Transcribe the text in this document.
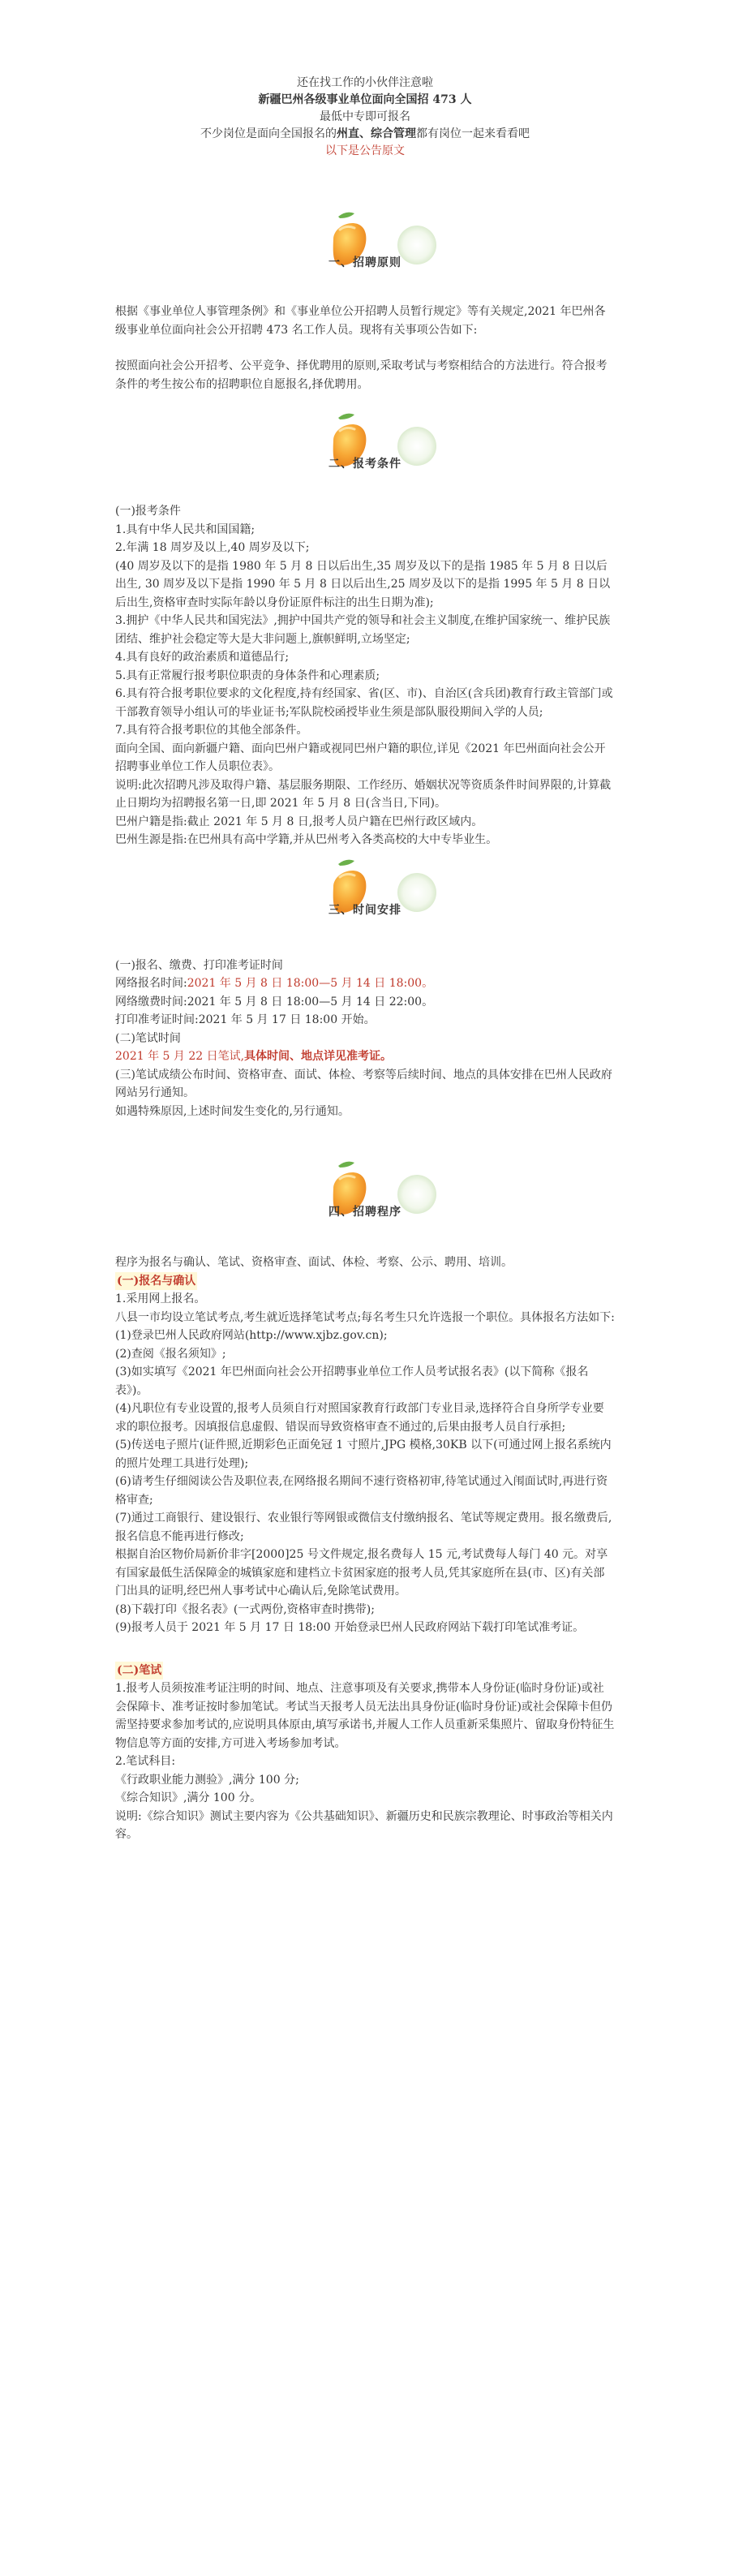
还在找工作的小伙伴注意啦
新疆巴州各级事业单位面向全国招 473 人
最低中专即可报名
不少岗位是面向全国报名的州直、综合管理都有岗位一起来看看吧
以下是公告原文
一、招聘原则

根据《事业单位人事管理条例》和《事业单位公开招聘人员暂行规定》等有关规定,2021 年巴州各级事业单位面向社会公开招聘 473 名工作人员。现将有关事项公告如下:

按照面向社会公开招考、公平竞争、择优聘用的原则,采取考试与考察相结合的方法进行。符合报考条件的考生按公布的招聘职位自愿报名,择优聘用。

二、报考条件

(一)报考条件

1.具有中华人民共和国国籍;

2.年满 18 周岁及以上,40 周岁及以下;

(40 周岁及以下的是指 1980 年 5 月 8 日以后出生,35 周岁及以下的是指 1985 年 5 月 8 日以后出生, 30 周岁及以下是指 1990 年 5 月 8 日以后出生,25 周岁及以下的是指 1995 年 5 月 8 日以后出生,资格审查时实际年龄以身份证原件标注的出生日期为准);

3.拥护《中华人民共和国宪法》,拥护中国共产党的领导和社会主义制度,在维护国家统一、维护民族团结、维护社会稳定等大是大非问题上,旗帜鲜明,立场坚定;

4.具有良好的政治素质和道德品行;

5.具有正常履行报考职位职责的身体条件和心理素质;

6.具有符合报考职位要求的文化程度,持有经国家、省(区、市)、自治区(含兵团)教育行政主管部门或干部教育领导小组认可的毕业证书;军队院校函授毕业生须是部队服役期间入学的人员;

7.具有符合报考职位的其他全部条件。

面向全国、面向新疆户籍、面向巴州户籍或视同巴州户籍的职位,详见《2021 年巴州面向社会公开招聘事业单位工作人员职位表》。

说明:此次招聘凡涉及取得户籍、基层服务期限、工作经历、婚姻状况等资质条件时间界限的,计算截止日期均为招聘报名第一日,即 2021 年 5 月 8 日(含当日,下同)。

巴州户籍是指:截止 2021 年 5 月 8 日,报考人员户籍在巴州行政区域内。

巴州生源是指:在巴州具有高中学籍,并从巴州考入各类高校的大中专毕业生。

三、时间安排

(一)报名、缴费、打印准考证时间

网络报名时间:2021 年 5 月 8 日 18:00—5 月 14 日 18:00。

网络缴费时间:2021 年 5 月 8 日 18:00—5 月 14 日 22:00。

打印准考证时间:2021 年 5 月 17 日 18:00 开始。

(二)笔试时间

2021 年 5 月 22 日笔试,具体时间、地点详见准考证。

(三)笔试成绩公布时间、资格审查、面试、体检、考察等后续时间、地点的具体安排在巴州人民政府网站另行通知。

如遇特殊原因,上述时间发生变化的,另行通知。

四、招聘程序

程序为报名与确认、笔试、资格审查、面试、体检、考察、公示、聘用、培训。

(一)报名与确认

1.采用网上报名。

八县一市均设立笔试考点,考生就近选择笔试考点;每名考生只允许选报一个职位。具体报名方法如下:

(1)登录巴州人民政府网站(http://www.xjbz.gov.cn);

(2)查阅《报名须知》;

(3)如实填写《2021 年巴州面向社会公开招聘事业单位工作人员考试报名表》(以下简称《报名表》)。

(4)凡职位有专业设置的,报考人员须自行对照国家教育行政部门专业目录,选择符合自身所学专业要求的职位报考。因填报信息虚假、错误而导致资格审查不通过的,后果由报考人员自行承担;

(5)传送电子照片(证件照,近期彩色正面免冠 1 寸照片,JPG 模格,30KB 以下(可通过网上报名系统内的照片处理工具进行处理);

(6)请考生仔细阅读公告及职位表,在网络报名期间不速行资格初审,待笔试通过入闱面试时,再进行资格审查;

(7)通过工商银行、建设银行、农业银行等网银或微信支付缴纳报名、笔试等规定费用。报名缴费后,报名信息不能再进行修改;

根据自治区物价局新价非字[2000]25 号文件规定,报名费每人 15 元,考试费每人每门 40 元。对享有国家最低生活保障金的城镇家庭和建档立卡贫困家庭的报考人员,凭其家庭所在县(市、区)有关部门出具的证明,经巴州人事考试中心确认后,免除笔试费用。

(8)下载打印《报名表》(一式两份,资格审查时携带);

(9)报考人员于 2021 年 5 月 17 日 18:00 开始登录巴州人民政府网站下载打印笔试准考证。

(二)笔试

1.报考人员须按准考证注明的时间、地点、注意事项及有关要求,携带本人身份证(临时身份证)或社会保障卡、准考证按时参加笔试。考试当天报考人员无法出具身份证(临时身份证)或社会保障卡但仍需坚持要求参加考试的,应说明具体原由,填写承诺书,并履人工作人员重新采集照片、留取身份特征生物信息等方面的安排,方可进入考场参加考试。

2.笔试科目:

《行政职业能力测验》,满分 100 分;

《综合知识》,满分 100 分。

说明:《综合知识》测试主要内容为《公共基础知识》、新疆历史和民族宗教理论、时事政治等相关内容。
